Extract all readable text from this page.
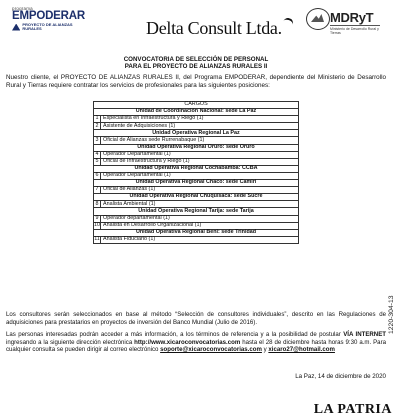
programa
EMPODERAR
PROYECTO DE ALIANZAS RURALES	Delta Consult Ltda.
MDRyT
Ministerio de Desarrollo Rural y Tierras
CONVOCATORIA DE SELECCIÓN DE PERSONAL
PARA EL PROYECTO DE ALIANZAS RURALES II
Nuestro cliente, el PROYECTO DE ALIANZAS RURALES II, del Programa EMPODERAR, dependiente del Ministerio de Desarrollo Rural y Tierras requiere contratar los servicios de profesionales para las siguientes posiciones:
CARGOS	
Unidad de Coordinación Nacional: sede La Paz	
1	Especialista en Infraestructura y Riego (1)
2	Asistente de Adquisiciones (1)
Unidad Operativa Regional La Paz	
3	Oficial de Alianzas sede Rurrenabaque (1)
Unidad Operativa Regional Oruro: sede Oruro	
4	Operador Departamental (1)
5	Oficial de Infraestructura y Riego (1)
Unidad Operativa Regional Cochabamba: CCBA	
6	Operador Departamental (1)
Unidad Operativa Regional Chaco: sede Camiri	
7	Oficial de Alianzas (1)
Unidad Operativa Regional Chuquisaca: sede Sucre	
8	Analista Ambiental (1)
Unidad Operativa Regional Tarija: sede Tarija	
9	Operador departamental (1)
10	Analista en Desarrollo Organizacional (1)
Unidad Operativa Regional Beni: sede Trinidad	
11	Analista Fiduciario (1)
Los consultores serán seleccionados en base al método “Selección de consultores individuales”, descrito en las Regulaciones de adquisiciones para prestatarios en proyectos de inversión del Banco Mundial (Julio de 2016).
Las personas interesadas podrán acceder a más información, a los términos de referencia y a la posibilidad de postular VÍA INTERNET ingresando a la siguiente dirección electrónica http://www.xicaroconvocatorias.com hasta el 28 de diciembre hasta horas 9:30 a.m. Para cualquier consulta se pueden dirigir al correo electrónico soporte@xicaroconvocatorias.com y xicaro27@hotmail.com
La Paz, 14 de diciembre de 2020
1220-304-13
LA PATRIA
